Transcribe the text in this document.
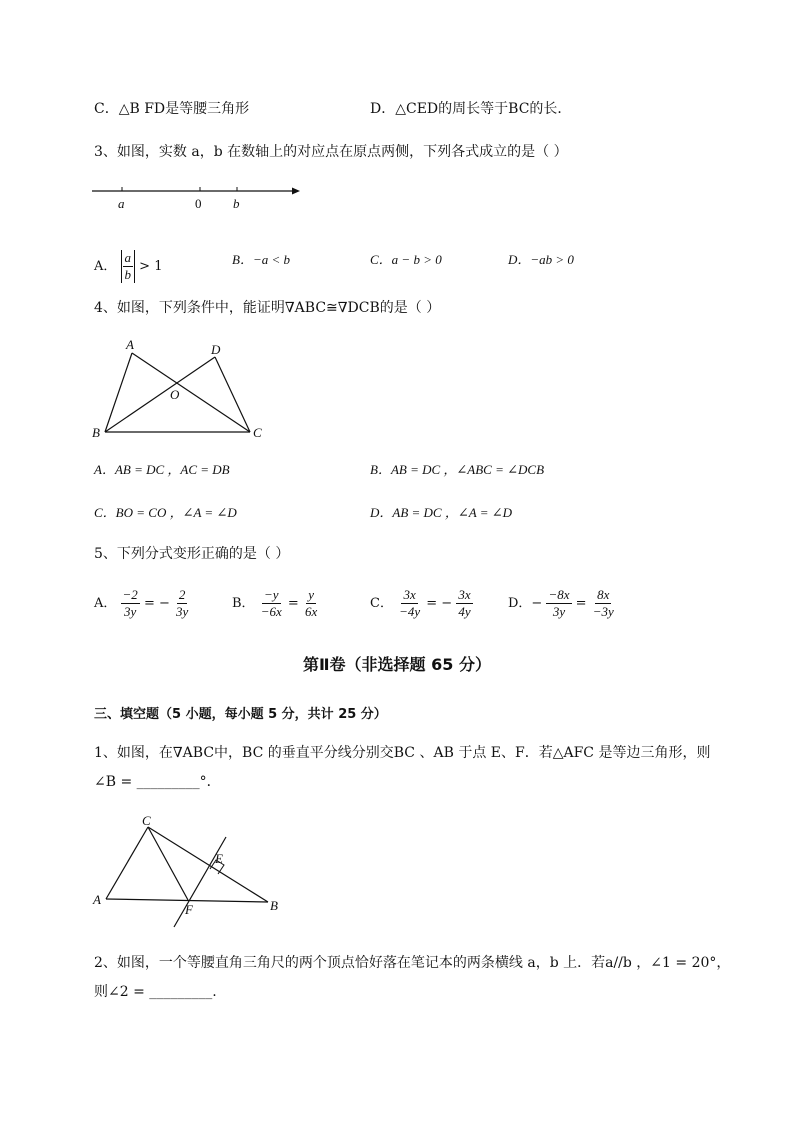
C．△B FD是等腰三角形	D．△CED的周长等于BC的长．
3、如图，实数 a，b 在数轴上的对应点在原点两侧，下列各式成立的是（ ）
a	0 b
A． $\frac{a}{b} > 1$	B．−a < b	C．a − b > 0	D．−ab > 0
4、如图，下列条件中，能证明∇ABC≅∇DCB的是（ ）
A	D
O
B	C
A．AB = DC ，AC = DB	B．AB = DC ，∠ABC = ∠DCB
C．BO = CO ，∠A = ∠D	D．AB = DC ，∠A = ∠D
5、下列分式变形正确的是（ ）
A． $\frac{-2}{3y}$ = − $\frac{2}{3y}$	B． $\frac{-y}{-6x} = \frac{y}{6x}$	C． $\frac{3x}{-4y}$ = − $\frac{3x}{4y}$	D．− $\frac{-8x}{3y} = \frac{8x}{-3y}$
第Ⅱ卷（非选择题 65 分）
三、填空题（5 小题，每小题 5 分，共计 25 分）
1、如图，在∇ABC中，BC 的垂直平分线分别交BC 、AB 于点 E、F．若△AFC 是等边三角形，则
∠B = _________°．
C
E
A
F	B
2、如图，一个等腰直角三角尺的两个顶点恰好落在笔记本的两条横线 a，b 上．若a//b ，∠1 = 20°，
则∠2 = _________.
